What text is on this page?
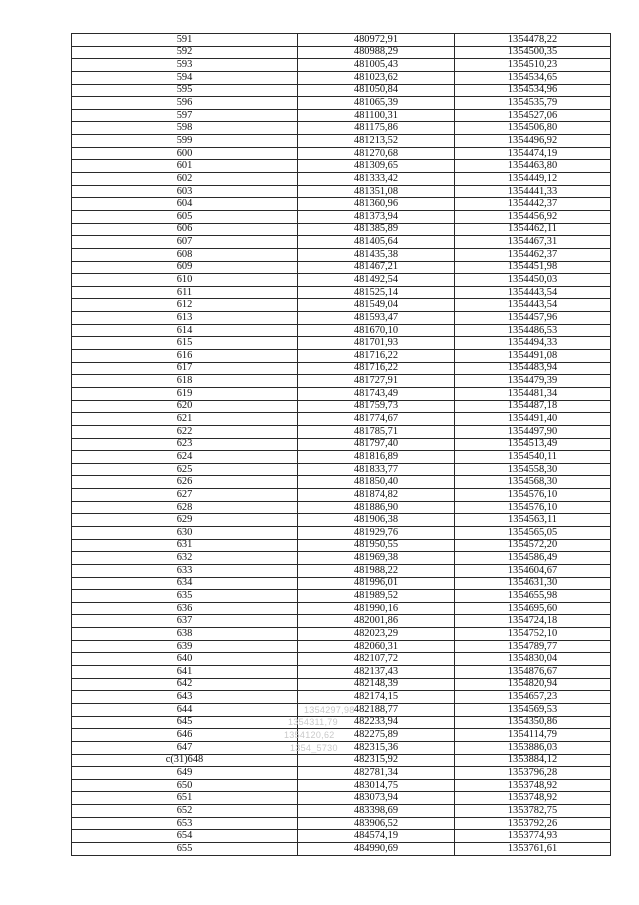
591	480972,91	1354478,22
592	480988,29	1354500,35
593	481005,43	1354510,23
594	481023,62	1354534,65
595	481050,84	1354534,96
596	481065,39	1354535,79
597	481100,31	1354527,06
598	481175,86	1354506,80
599	481213,52	1354496,92
600	481270,68	1354474,19
601	481309,65	1354463,80
602	481333,42	1354449,12
603	481351,08	1354441,33
604	481360,96	1354442,37
605	481373,94	1354456,92
606	481385,89	1354462,11
607	481405,64	1354467,31
608	481435,38	1354462,37
609	481467,21	1354451,98
610	481492,54	1354450,03
611	481525,14	1354443,54
612	481549,04	1354443,54
613	481593,47	1354457,96
614	481670,10	1354486,53
615	481701,93	1354494,33
616	481716,22	1354491,08
617	481716,22	1354483,94
618	481727,91	1354479,39
619	481743,49	1354481,34
620	481759,73	1354487,18
621	481774,67	1354491,40
622	481785,71	1354497,90
623	481797,40	1354513,49
624	481816,89	1354540,11
625	481833,77	1354558,30
626	481850,40	1354568,30
627	481874,82	1354576,10
628	481886,90	1354576,10
629	481906,38	1354563,11
630	481929,76	1354565,05
631	481950,55	1354572,20
632	481969,38	1354586,49
633	481988,22	1354604,67
634	481996,01	1354631,30
635	481989,52	1354655,98
636	481990,16	1354695,60
637	482001,86	1354724,18
638	482023,29	1354752,10
639	482060,31	1354789,77
640	482107,72	1354830,04
641	482137,43	1354876,67
642	482148,39	1354820,94
643	482174,15	1354657,23
644	482188,77	1354569,53
645	482233,94	1354350,86
646	482275,89	1354114,79
647	482315,36	1353886,03
c(31)648	482315,92	1353884,12
649	482781,34	1353796,28
650	483014,75	1353748,92
651	483073,94	1353748,92
652	483398,69	1353782,75
653	483906,52	1353792,26
654	484574,19	1353774,93
655	484990,69	1353761,61
1354297,98
1354311,79
1354120,62
1354_5730
